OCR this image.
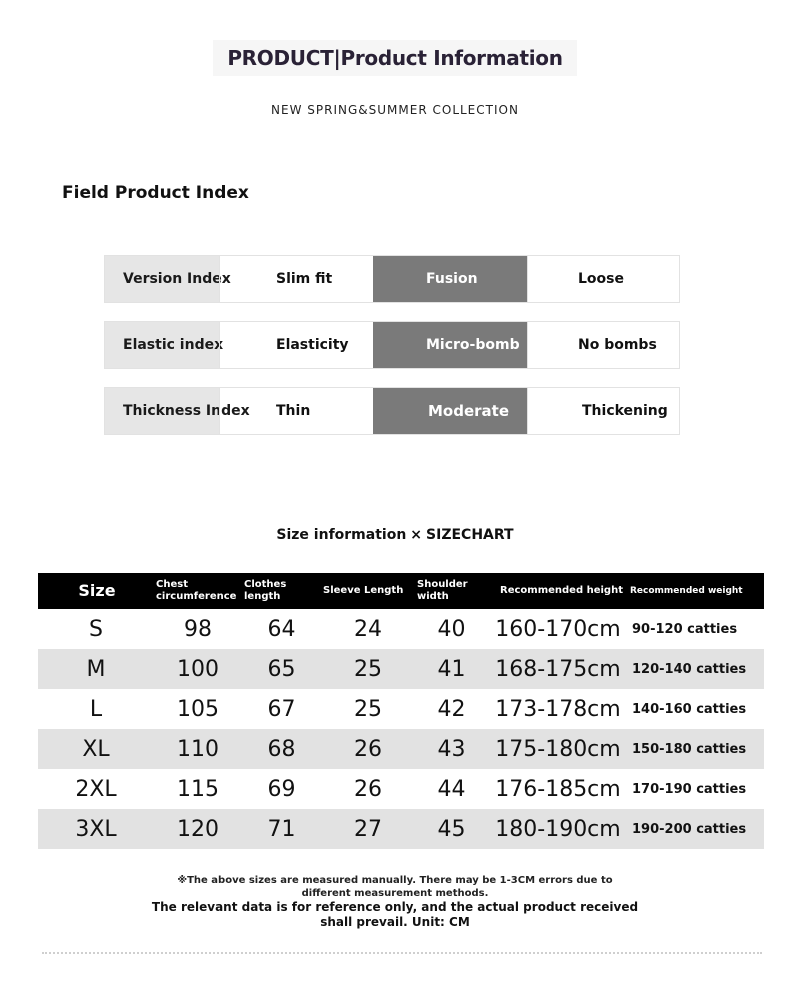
PRODUCT|Product Information
NEW SPRING&SUMMER COLLECTION
Field Product Index
Version Index	Slim fit	Fusion	Loose
Elastic index	Elasticity	Micro-bomb	No bombs
Thickness Index	Thin	Moderate	Thickening
Size information × SIZECHART
Size	Chest circumference	Clothes length	Sleeve Length	Shoulder width	Recommended height	Recommended weight
S	98	64	24	40	160-170cm	90-120 catties
M	100	65	25	41	168-175cm	120-140 catties
L	105	67	25	42	173-178cm	140-160 catties
XL	110	68	26	43	175-180cm	150-180 catties
2XL	115	69	26	44	176-185cm	170-190 catties
3XL	120	71	27	45	180-190cm	190-200 catties
※The above sizes are measured manually. There may be 1-3CM errors due to different measurement methods.
The relevant data is for reference only, and the actual product received shall prevail. Unit: CM
